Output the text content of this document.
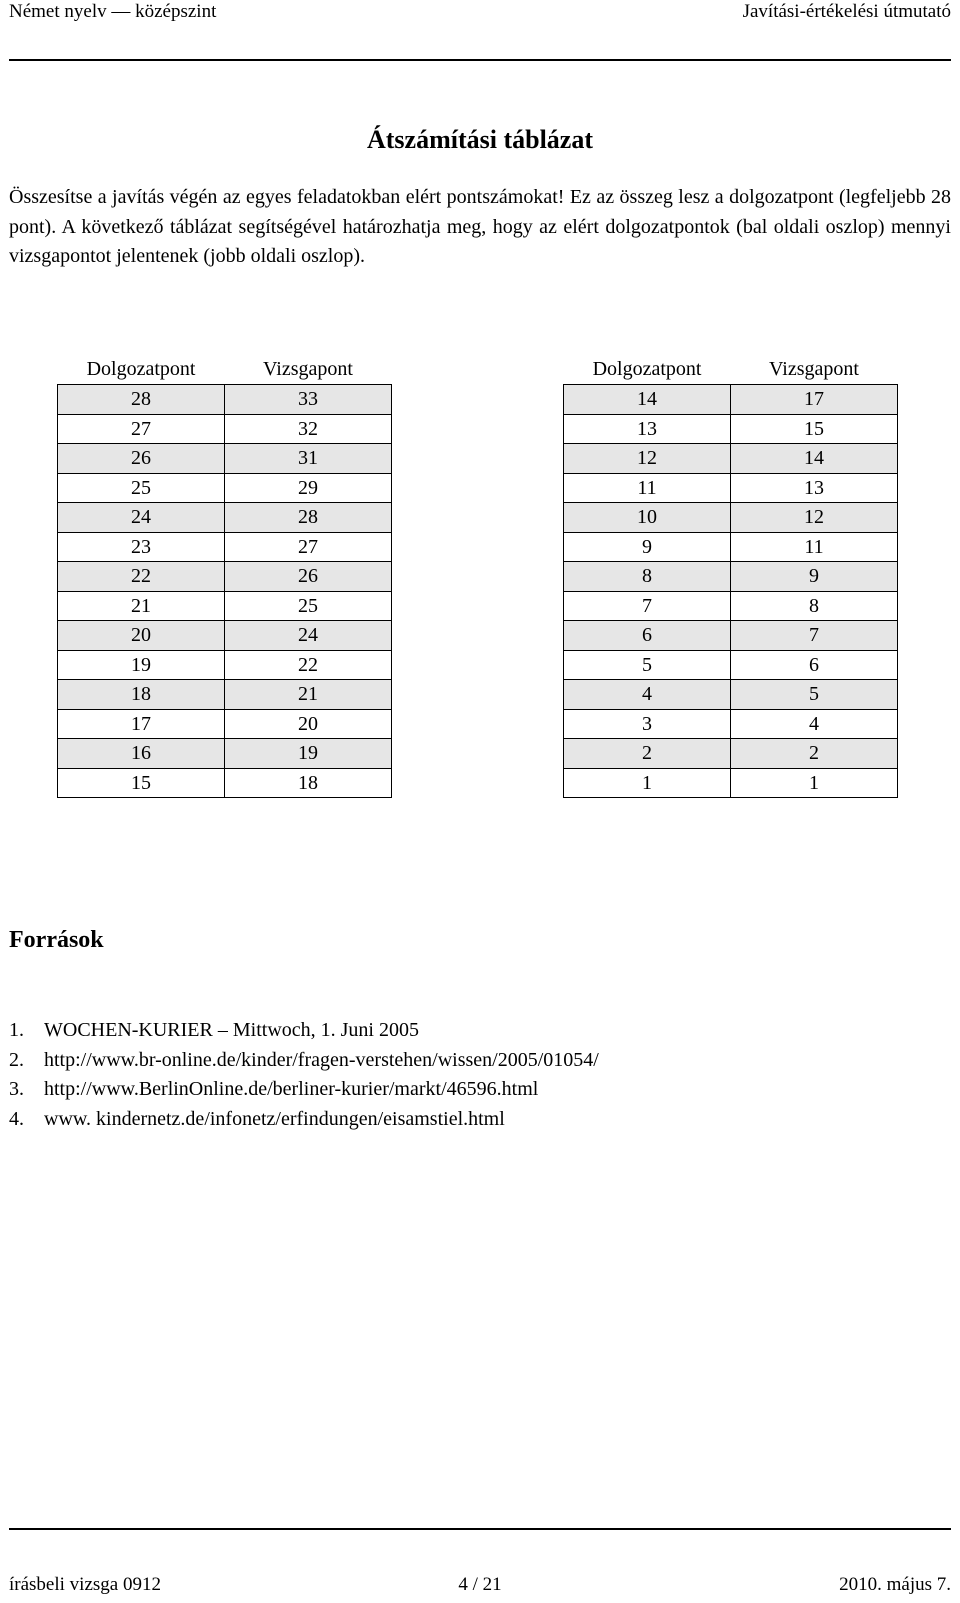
Német nyelv — középszint	Javítási-értékelési útmutató
Átszámítási táblázat

Összesítse a javítás végén az egyes feladatokban elért pontszámokat! Ez az összeg lesz a dolgozatpont (legfeljebb 28 pont). A következő táblázat segítségével határozhatja meg, hogy az elért dolgozatpontok (bal oldali oszlop) mennyi vizsgapontot jelentenek (jobb oldali oszlop).

Dolgozatpont	Vizsgapont
28	33
27	32
26	31
25	29
24	28
23	27
22	26
21	25
20	24
19	22
18	21
17	20
16	19
15	18
Dolgozatpont	Vizsgapont
14	17
13	15
12	14
11	13
10	12
9	11
8	9
7	8
6	7
5	6
4	5
3	4
2	2
1	1
Források
1. WOCHEN-KURIER – Mittwoch, 1. Juni 2005
2. http://www.br-online.de/kinder/fragen-verstehen/wissen/2005/01054/
3. http://www.BerlinOnline.de/berliner-kurier/markt/46596.html
4. www. kindernetz.de/infonetz/erfindungen/eisamstiel.html
írásbeli vizsga 0912	4 / 21	2010. május 7.
